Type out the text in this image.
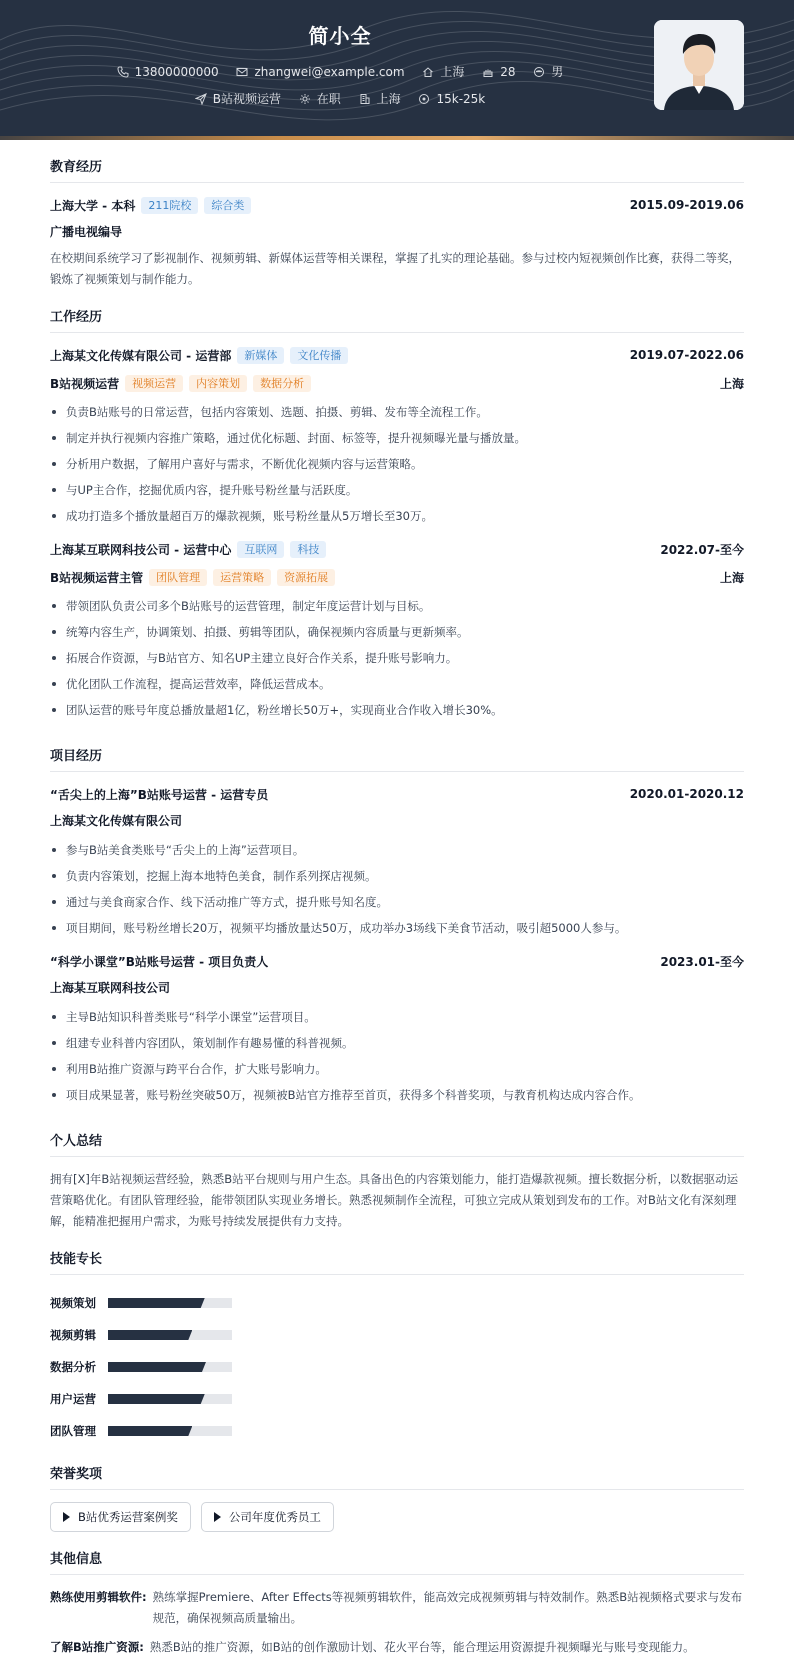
简小全
13800000000	zhangwei@example.com	上海	28	男
B站视频运营	在职	上海	15k-25k
教育经历
上海大学 - 本科	211院校	综合类	2015.09-2019.06
广播电视编导
在校期间系统学习了影视制作、视频剪辑、新媒体运营等相关课程，掌握了扎实的理论基础。参与过校内短视频创作比赛，获得二等奖，锻炼了视频策划与制作能力。
工作经历
上海某文化传媒有限公司 - 运营部	新媒体	文化传播	2019.07-2022.06
B站视频运营	视频运营	内容策划	数据分析	上海
负责B站账号的日常运营，包括内容策划、选题、拍摄、剪辑、发布等全流程工作。
制定并执行视频内容推广策略，通过优化标题、封面、标签等，提升视频曝光量与播放量。
分析用户数据，了解用户喜好与需求，不断优化视频内容与运营策略。
与UP主合作，挖掘优质内容，提升账号粉丝量与活跃度。
成功打造多个播放量超百万的爆款视频，账号粉丝量从5万增长至30万。
上海某互联网科技公司 - 运营中心	互联网	科技	2022.07-至今
B站视频运营主管	团队管理	运营策略	资源拓展	上海
带领团队负责公司多个B站账号的运营管理，制定年度运营计划与目标。
统筹内容生产，协调策划、拍摄、剪辑等团队，确保视频内容质量与更新频率。
拓展合作资源，与B站官方、知名UP主建立良好合作关系，提升账号影响力。
优化团队工作流程，提高运营效率，降低运营成本。
团队运营的账号年度总播放量超1亿，粉丝增长50万+，实现商业合作收入增长30%。
项目经历
“舌尖上的上海”B站账号运营 - 运营专员	2020.01-2020.12
上海某文化传媒有限公司
参与B站美食类账号“舌尖上的上海”运营项目。
负责内容策划，挖掘上海本地特色美食，制作系列探店视频。
通过与美食商家合作、线下活动推广等方式，提升账号知名度。
项目期间，账号粉丝增长20万，视频平均播放量达50万，成功举办3场线下美食节活动，吸引超5000人参与。
“科学小课堂”B站账号运营 - 项目负责人	2023.01-至今
上海某互联网科技公司
主导B站知识科普类账号“科学小课堂”运营项目。
组建专业科普内容团队，策划制作有趣易懂的科普视频。
利用B站推广资源与跨平台合作，扩大账号影响力。
项目成果显著，账号粉丝突破50万，视频被B站官方推荐至首页，获得多个科普奖项，与教育机构达成内容合作。
个人总结
拥有[X]年B站视频运营经验，熟悉B站平台规则与用户生态。具备出色的内容策划能力，能打造爆款视频。擅长数据分析，以数据驱动运营策略优化。有团队管理经验，能带领团队实现业务增长。熟悉视频制作全流程，可独立完成从策划到发布的工作。对B站文化有深刻理解，能精准把握用户需求，为账号持续发展提供有力支持。
技能专长
视频策划
视频剪辑
数据分析
用户运营
团队管理
荣誉奖项
B站优秀运营案例奖	公司年度优秀员工
其他信息
熟练使用剪辑软件: 熟练掌握Premiere、After Effects等视频剪辑软件，能高效完成视频剪辑与特效制作。熟悉B站视频格式要求与发布规范，确保视频高质量输出。
了解B站推广资源: 熟悉B站的推广资源，如B站的创作激励计划、花火平台等，能合理运用资源提升视频曝光与账号变现能力。
